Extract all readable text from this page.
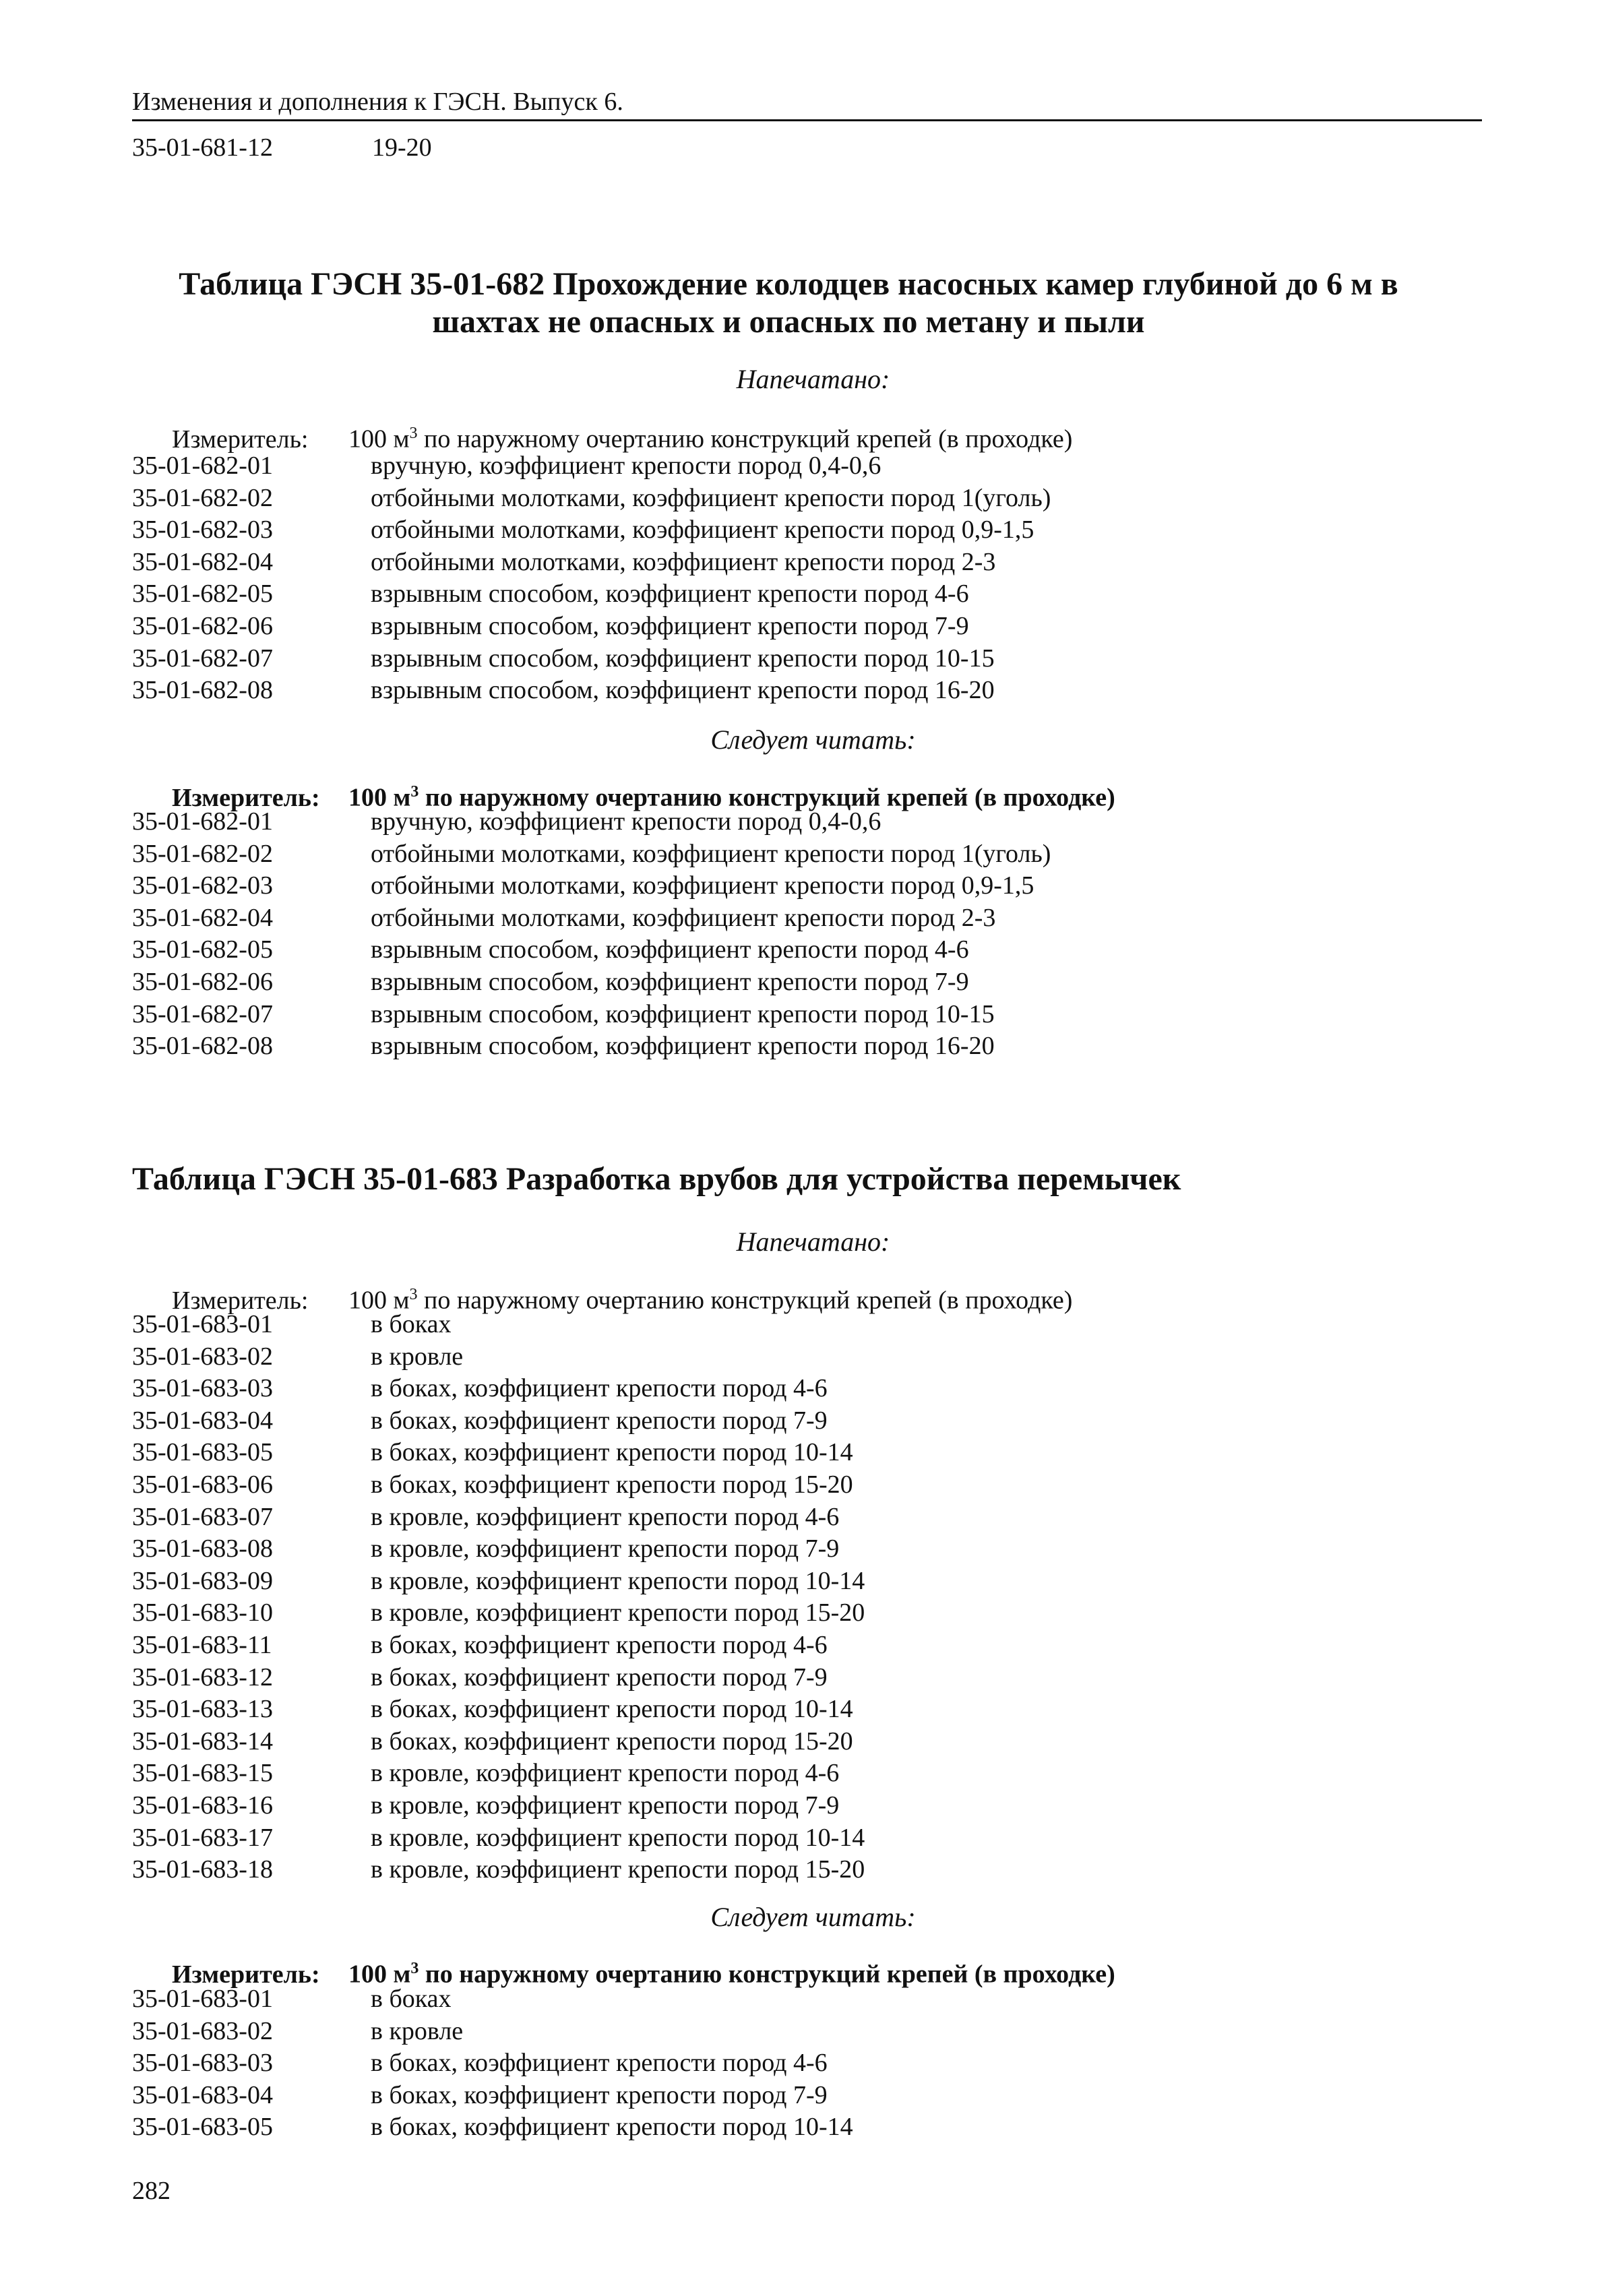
Изменения и дополнения к ГЭСН. Выпуск 6.
35-01-681-12	19-20
Таблица ГЭСН 35-01-682 Прохождение колодцев насосных камер глубиной до 6 м в
шахтах не опасных и опасных по метану и пыли
Напечатано:
Измеритель: 100 $м^3$ по наружному очертанию конструкций крепей (в проходке)
35-01-682-01	вручную, коэффициент крепости пород 0,4-0,6
35-01-682-02	отбойными молотками, коэффициент крепости пород 1(уголь)
35-01-682-03	отбойными молотками, коэффициент крепости пород 0,9-1,5
35-01-682-04	отбойными молотками, коэффициент крепости пород 2-3
35-01-682-05	взрывным способом, коэффициент крепости пород 4-6
35-01-682-06	взрывным способом, коэффициент крепости пород 7-9
35-01-682-07	взрывным способом, коэффициент крепости пород 10-15
35-01-682-08	взрывным способом, коэффициент крепости пород 16-20
Следует читать:
Измеритель: 100 $м^3$ по наружному очертанию конструкций крепей (в проходке)
35-01-682-01	вручную, коэффициент крепости пород 0,4-0,6
35-01-682-02	отбойными молотками, коэффициент крепости пород 1(уголь)
35-01-682-03	отбойными молотками, коэффициент крепости пород 0,9-1,5
35-01-682-04	отбойными молотками, коэффициент крепости пород 2-3
35-01-682-05	взрывным способом, коэффициент крепости пород 4-6
35-01-682-06	взрывным способом, коэффициент крепости пород 7-9
35-01-682-07	взрывным способом, коэффициент крепости пород 10-15
35-01-682-08	взрывным способом, коэффициент крепости пород 16-20
Таблица ГЭСН 35-01-683 Разработка врубов для устройства перемычек
Напечатано:
Измеритель: 100 $м^3$ по наружному очертанию конструкций крепей (в проходке)
35-01-683-01	в боках
35-01-683-02	в кровле
35-01-683-03	в боках, коэффициент крепости пород 4-6
35-01-683-04	в боках, коэффициент крепости пород 7-9
35-01-683-05	в боках, коэффициент крепости пород 10-14
35-01-683-06	в боках, коэффициент крепости пород 15-20
35-01-683-07	в кровле, коэффициент крепости пород 4-6
35-01-683-08	в кровле, коэффициент крепости пород 7-9
35-01-683-09	в кровле, коэффициент крепости пород 10-14
35-01-683-10	в кровле, коэффициент крепости пород 15-20
35-01-683-11	в боках, коэффициент крепости пород 4-6
35-01-683-12	в боках, коэффициент крепости пород 7-9
35-01-683-13	в боках, коэффициент крепости пород 10-14
35-01-683-14	в боках, коэффициент крепости пород 15-20
35-01-683-15	в кровле, коэффициент крепости пород 4-6
35-01-683-16	в кровле, коэффициент крепости пород 7-9
35-01-683-17	в кровле, коэффициент крепости пород 10-14
35-01-683-18	в кровле, коэффициент крепости пород 15-20
Следует читать:
Измеритель: 100 $м^3$ по наружному очертанию конструкций крепей (в проходке)
35-01-683-01	в боках
35-01-683-02	в кровле
35-01-683-03	в боках, коэффициент крепости пород 4-6
35-01-683-04	в боках, коэффициент крепости пород 7-9
35-01-683-05	в боках, коэффициент крепости пород 10-14
282
